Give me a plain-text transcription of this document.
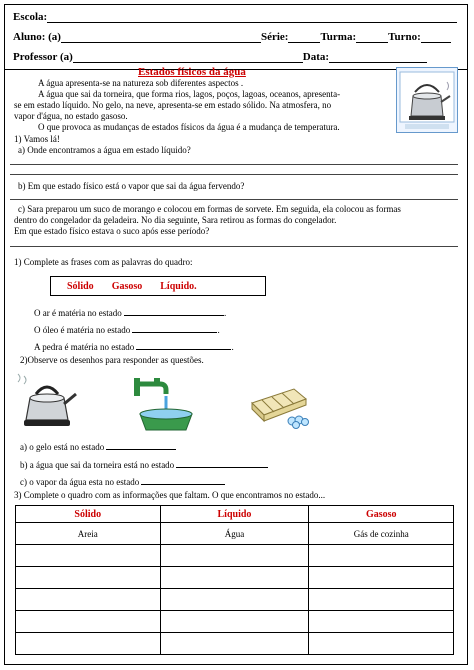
Escola:
Aluno: (a)	Série:	Turma:	Turno:
Professor (a)	Data:
Estados físicos da água
A água apresenta-se na natureza sob diferentes aspectos .
A água que sai da torneira, que forma rios, lagos, poços, lagoas, oceanos, apresenta-
se em estado líquido. No gelo, na neve, apresenta-se em estado sólido. Na atmosfera, no
vapor d'água, no estado gasoso.
O que provoca as mudanças de estados físicos da água é a mudança de temperatura.
1) Vamos lá!
a) Onde encontramos a água em estado líquido?
b) Em que estado físico está o vapor que sai da água fervendo?
c) Sara preparou um suco de morango e colocou em formas de sorvete. Em seguida, ela colocou as formas
dentro do congelador da geladeira. No dia seguinte, Sara retirou as formas do congelador.
Em que estado físico estava o suco após esse período?
1) Complete as frases com as palavras do quadro:
Sólido Gasoso Líquido.
O ar é matéria no estado	.
O óleo é matéria no estado	.
A pedra é matéria no estado	.
2)Observe os desenhos para responder as questões.
a) o gelo está no estado
b) a água que sai da torneira está no estado
c) o vapor da água esta no estado
3) Complete o quadro com as informações que faltam. O que encontramos no estado...
Sólido	Líquido	Gasoso
Areia	Água	Gás de cozinha
